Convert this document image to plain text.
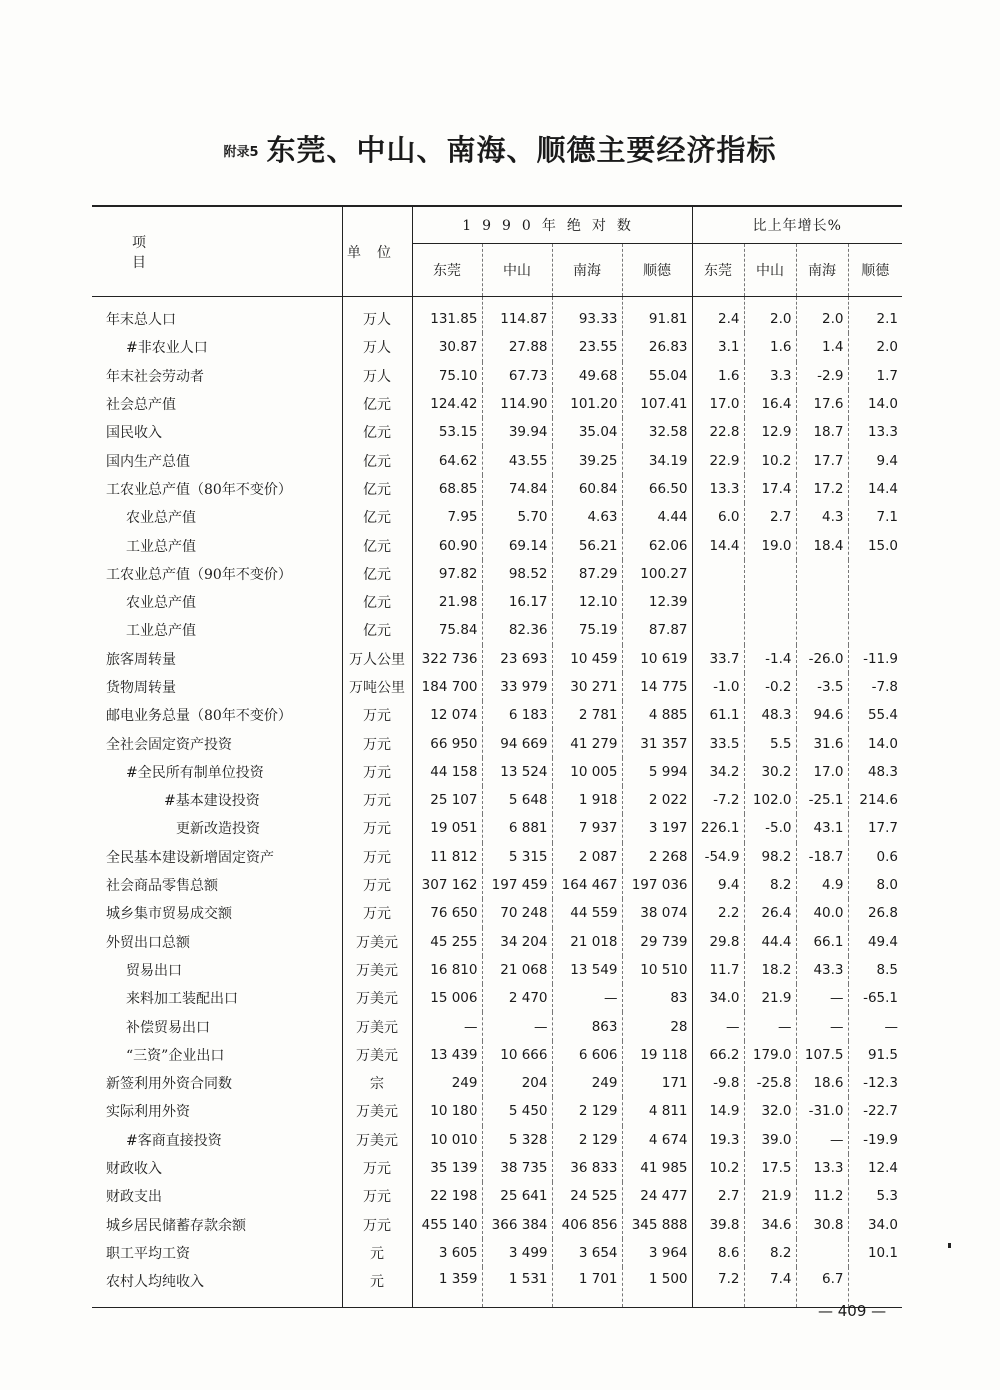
$^{附录5}$ 东莞、中山、南海、顺德主要经济指标
项目	单位	1990年绝对数				比上年增长%			
		东莞	中山	南海	顺德	东莞	中山	南海	顺德
年末总人口	万人	131.85	114.87	93.33	91.81	2.4	2.0	2.0	2.1
#非农业人口	万人	30.87	27.88	23.55	26.83	3.1	1.6	1.4	2.0
年末社会劳动者	万人	75.10	67.73	49.68	55.04	1.6	3.3	-2.9	1.7
社会总产值	亿元	124.42	114.90	101.20	107.41	17.0	16.4	17.6	14.0
国民收入	亿元	53.15	39.94	35.04	32.58	22.8	12.9	18.7	13.3
国内生产总值	亿元	64.62	43.55	39.25	34.19	22.9	10.2	17.7	9.4
工农业总产值（80年不变价）	亿元	68.85	74.84	60.84	66.50	13.3	17.4	17.2	14.4
农业总产值	亿元	7.95	5.70	4.63	4.44	6.0	2.7	4.3	7.1
工业总产值	亿元	60.90	69.14	56.21	62.06	14.4	19.0	18.4	15.0
工农业总产值（90年不变价）	亿元	97.82	98.52	87.29	100.27				
农业总产值	亿元	21.98	16.17	12.10	12.39				
工业总产值	亿元	75.84	82.36	75.19	87.87				
旅客周转量	万人公里	322 736	23 693	10 459	10 619	33.7	-1.4	-26.0	-11.9
货物周转量	万吨公里	184 700	33 979	30 271	14 775	-1.0	-0.2	-3.5	-7.8
邮电业务总量（80年不变价）	万元	12 074	6 183	2 781	4 885	61.1	48.3	94.6	55.4
全社会固定资产投资	万元	66 950	94 669	41 279	31 357	33.5	5.5	31.6	14.0
#全民所有制单位投资	万元	44 158	13 524	10 005	5 994	34.2	30.2	17.0	48.3
#基本建设投资	万元	25 107	5 648	1 918	2 022	-7.2	102.0	-25.1	214.6
更新改造投资	万元	19 051	6 881	7 937	3 197	226.1	-5.0	43.1	17.7
全民基本建设新增固定资产	万元	11 812	5 315	2 087	2 268	-54.9	98.2	-18.7	0.6
社会商品零售总额	万元	307 162	197 459	164 467	197 036	9.4	8.2	4.9	8.0
城乡集市贸易成交额	万元	76 650	70 248	44 559	38 074	2.2	26.4	40.0	26.8
外贸出口总额	万美元	45 255	34 204	21 018	29 739	29.8	44.4	66.1	49.4
贸易出口	万美元	16 810	21 068	13 549	10 510	11.7	18.2	43.3	8.5
来料加工装配出口	万美元	15 006	2 470	—	83	34.0	21.9	—	-65.1
补偿贸易出口	万美元	—	—	863	28	—	—	—	—
“三资”企业出口	万美元	13 439	10 666	6 606	19 118	66.2	179.0	107.5	91.5
新签利用外资合同数	宗	249	204	249	171	-9.8	-25.8	18.6	-12.3
实际利用外资	万美元	10 180	5 450	2 129	4 811	14.9	32.0	-31.0	-22.7
#客商直接投资	万美元	10 010	5 328	2 129	4 674	19.3	39.0	—	-19.9
财政收入	万元	35 139	38 735	36 833	41 985	10.2	17.5	13.3	12.4
财政支出	万元	22 198	25 641	24 525	24 477	2.7	21.9	11.2	5.3
城乡居民储蓄存款余额	万元	455 140	366 384	406 856	345 888	39.8	34.6	30.8	34.0
职工平均工资	元	3 605	3 499	3 654	3 964	8.6	8.2		10.1
农村人均纯收入	元	1 359	1 531	1 701	1 500	7.2	7.4	6.7	
— 409 —
